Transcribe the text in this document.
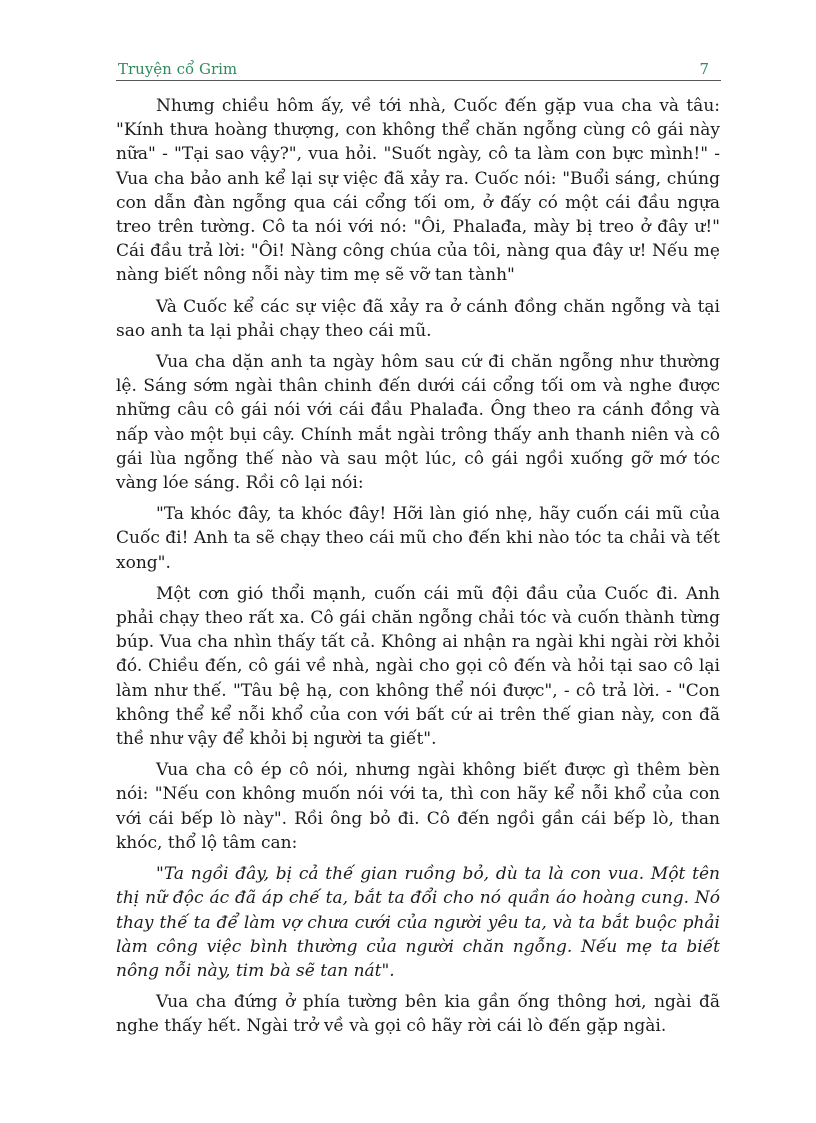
Truyện cổ Grim	7

Nhưng chiều hôm ấy, về tới nhà, Cuốc đến gặp vua cha và tâu: "Kính thưa hoàng thượng, con không thể chăn ngỗng cùng cô gái này nữa" - "Tại sao vậy?", vua hỏi. "Suốt ngày, cô ta làm con bực mình!" - Vua cha bảo anh kể lại sự việc đã xảy ra. Cuốc nói: "Buổi sáng, chúng con dẫn đàn ngỗng qua cái cổng tối om, ở đấy có một cái đầu ngựa treo trên tường. Cô ta nói với nó: "Ôi, Phalađa, mày bị treo ở đây ư!" Cái đầu trả lời: "Ôi! Nàng công chúa của tôi, nàng qua đây ư! Nếu mẹ nàng biết nông nỗi này tim mẹ sẽ vỡ tan tành"

Và Cuốc kể các sự việc đã xảy ra ở cánh đồng chăn ngỗng và tại sao anh ta lại phải chạy theo cái mũ.

Vua cha dặn anh ta ngày hôm sau cứ đi chăn ngỗng như thường lệ. Sáng sớm ngài thân chinh đến dưới cái cổng tối om và nghe được những câu cô gái nói với cái đầu Phalađa. Ông theo ra cánh đồng và nấp vào một bụi cây. Chính mắt ngài trông thấy anh thanh niên và cô gái lùa ngỗng thế nào và sau một lúc, cô gái ngồi xuống gỡ mớ tóc vàng lóe sáng. Rồi cô lại nói:

"Ta khóc đây, ta khóc đây! Hỡi làn gió nhẹ, hãy cuốn cái mũ của Cuốc đi! Anh ta sẽ chạy theo cái mũ cho đến khi nào tóc ta chải và tết xong".

Một cơn gió thổi mạnh, cuốn cái mũ đội đầu của Cuốc đi. Anh phải chạy theo rất xa. Cô gái chăn ngỗng chải tóc và cuốn thành từng búp. Vua cha nhìn thấy tất cả. Không ai nhận ra ngài khi ngài rời khỏi đó. Chiều đến, cô gái về nhà, ngài cho gọi cô đến và hỏi tại sao cô lại làm như thế. "Tâu bệ hạ, con không thể nói được", - cô trả lời. - "Con không thể kể nỗi khổ của con với bất cứ ai trên thế gian này, con đã thề như vậy để khỏi bị người ta giết".

Vua cha cô ép cô nói, nhưng ngài không biết được gì thêm bèn nói: "Nếu con không muốn nói với ta, thì con hãy kể nỗi khổ của con với cái bếp lò này". Rồi ông bỏ đi. Cô đến ngồi gần cái bếp lò, than khóc, thổ lộ tâm can:

"Ta ngồi đây, bị cả thế gian ruồng bỏ, dù ta là con vua. Một tên thị nữ độc ác đã áp chế ta, bắt ta đổi cho nó quần áo hoàng cung. Nó thay thế ta để làm vợ chưa cưới của người yêu ta, và ta bắt buộc phải làm công việc bình thường của người chăn ngỗng. Nếu mẹ ta biết nông nỗi này, tim bà sẽ tan nát".

Vua cha đứng ở phía tường bên kia gần ống thông hơi, ngài đã nghe thấy hết. Ngài trở về và gọi cô hãy rời cái lò đến gặp ngài.
